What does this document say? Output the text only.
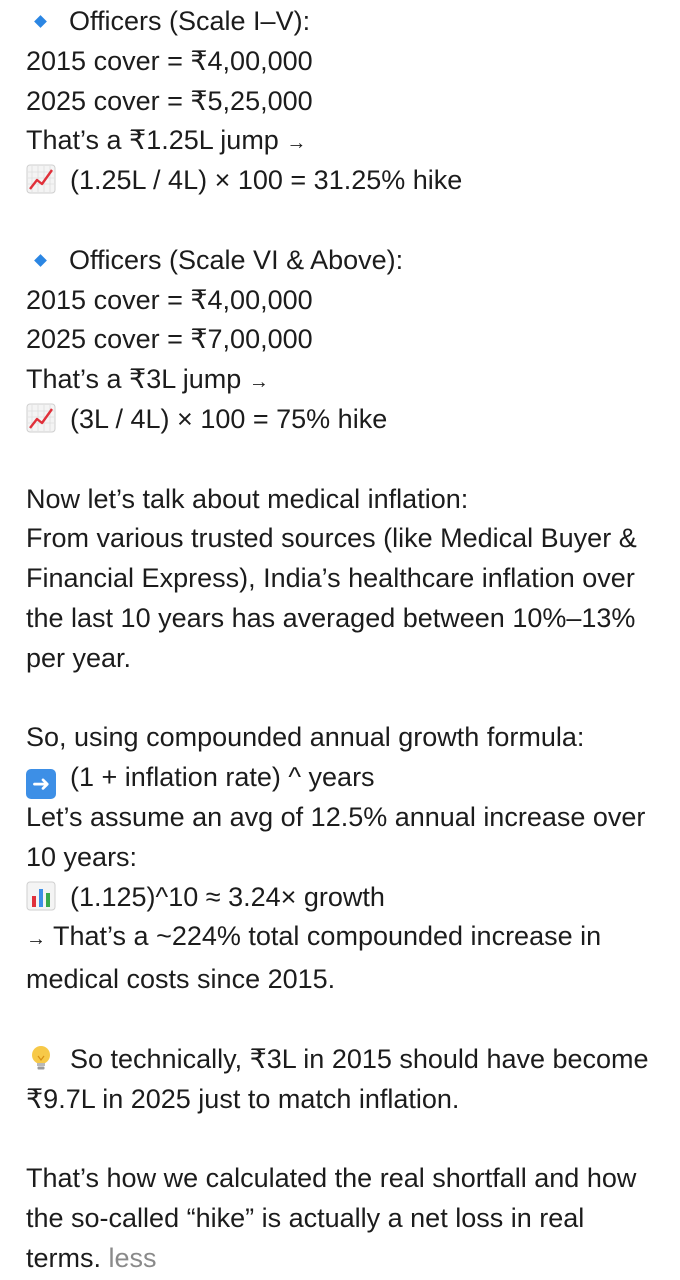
Officers (Scale I–V):
2015 cover = ₹4,00,000
2025 cover = ₹5,25,000
That’s a ₹1.25L jump →
(1.25L / 4L) × 100 = 31.25% hike
Officers (Scale VI & Above):
2015 cover = ₹4,00,000
2025 cover = ₹7,00,000
That’s a ₹3L jump →
(3L / 4L) × 100 = 75% hike
Now let’s talk about medical inflation:
From various trusted sources (like Medical Buyer & Financial Express), India’s healthcare inflation over the last 10 years has averaged between 10%–13% per year.
So, using compounded annual growth formula:
➜ (1 + inflation rate) ^ years
Let’s assume an avg of 12.5% annual increase over 10 years:
(1.125)^10 ≈ 3.24× growth
→ That’s a ~224% total compounded increase in medical costs since 2015.
So technically, ₹3L in 2015 should have become ₹9.7L in 2025 just to match inflation.
That’s how we calculated the real shortfall and how the so-called “hike” is actually a net loss in real terms. less
